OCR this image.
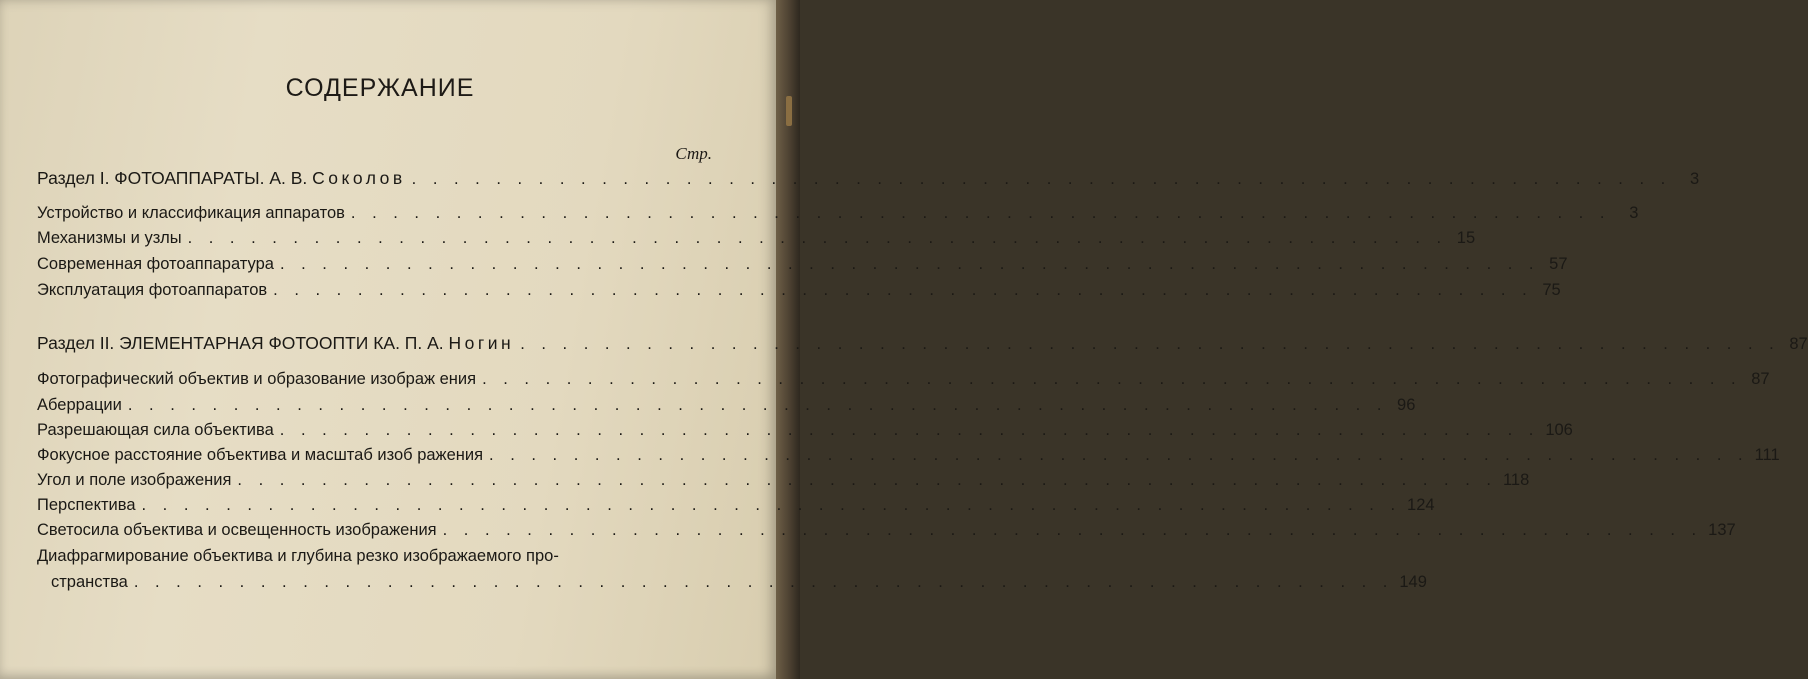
СОДЕРЖАНИЕ
Стр.
Раздел I. ФОТОАППАРАТЫ. А. В. Соколов . . . . . . . . . . . . . . . . . . . . . . . . . . . . . . . . . . . . . . . . . . . . . . . . . . . . . . . . . . . .	3
Устройство и классификация аппаратов . . . . . . . . . . . . . . . . . . . . . . . . . . . . . . . . . . . . . . . . . . . . . . . . . . . . . . . . . . . .	3
Механизмы и узлы . . . . . . . . . . . . . . . . . . . . . . . . . . . . . . . . . . . . . . . . . . . . . . . . . . . . . . . . . . . . 15
Современная фотоаппаратура . . . . . . . . . . . . . . . . . . . . . . . . . . . . . . . . . . . . . . . . . . . . . . . . . . . . . . . . . . . . 57
Эксплуатация фотоаппаратов . . . . . . . . . . . . . . . . . . . . . . . . . . . . . . . . . . . . . . . . . . . . . . . . . . . . . . . . . . . . 75
Раздел II. ЭЛЕМЕНТАРНАЯ ФОТООПТИ КА. П. А. Ногин . . . . . . . . . . . . . . . . . . . . . . . . . . . . . . . . . . . . . . . . . . . . . . . . . . . . . . . . . . . . 87
Фотографический объектив и образование изображ ения . . . . . . . . . . . . . . . . . . . . . . . . . . . . . . . . . . . . . . . . . . . . . . . . . . . . . . . . . . . . 87
Аберрации . . . . . . . . . . . . . . . . . . . . . . . . . . . . . . . . . . . . . . . . . . . . . . . . . . . . . . . . . . . . 96
Разрешающая сила объектива . . . . . . . . . . . . . . . . . . . . . . . . . . . . . . . . . . . . . . . . . . . . . . . . . . . . . . . . . . . . 106
Фокусное расстояние объектива и масштаб изоб ражения . . . . . . . . . . . . . . . . . . . . . . . . . . . . . . . . . . . . . . . . . . . . . . . . . . . . . . . . . . . . 111
Угол и поле изображения . . . . . . . . . . . . . . . . . . . . . . . . . . . . . . . . . . . . . . . . . . . . . . . . . . . . . . . . . . . . 118
Перспектива . . . . . . . . . . . . . . . . . . . . . . . . . . . . . . . . . . . . . . . . . . . . . . . . . . . . . . . . . . . . 124
Светосила объектива и освещенность изображения . . . . . . . . . . . . . . . . . . . . . . . . . . . . . . . . . . . . . . . . . . . . . . . . . . . . . . . . . . . . 137
Диафрагмирование объектива и глубина резко изображаемого про-
странства . . . . . . . . . . . . . . . . . . . . . . . . . . . . . . . . . . . . . . . . . . . . . . . . . . . . . . . . . . . . 149
